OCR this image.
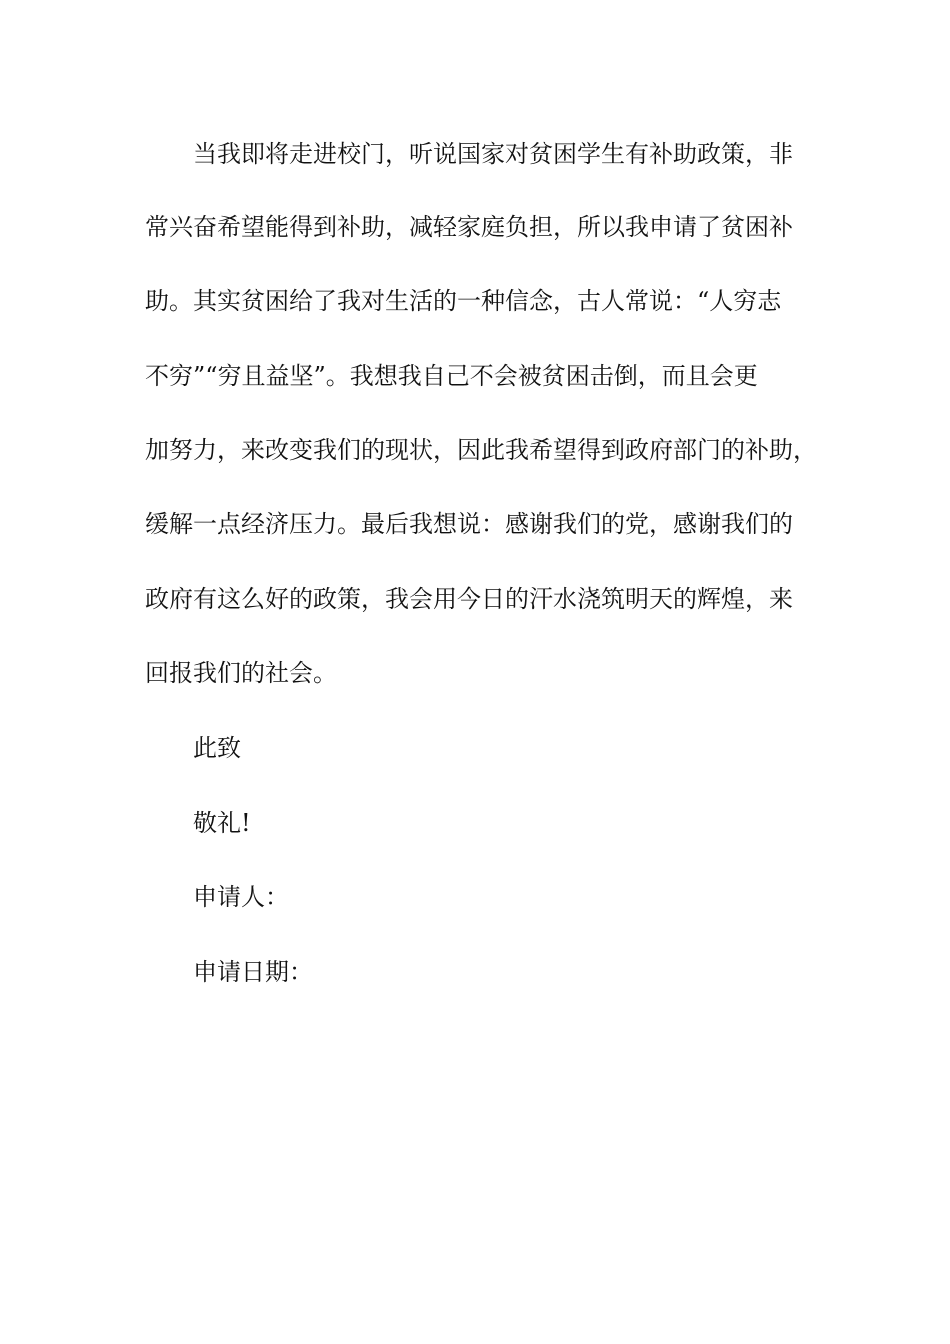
当我即将走进校门，听说国家对贫困学生有补助政策，非
常兴奋希望能得到补助，减轻家庭负担，所以我申请了贫困补
助。其实贫困给了我对生活的一种信念，古人常说：“人穷志
不穷”“穷且益坚”。我想我自己不会被贫困击倒，而且会更
加努力，来改变我们的现状，因此我希望得到政府部门的补助，
缓解一点经济压力。最后我想说：感谢我们的党，感谢我们的
政府有这么好的政策，我会用今日的汗水浇筑明天的辉煌，来
回报我们的社会。
此致
敬礼!
申请人：
申请日期：
